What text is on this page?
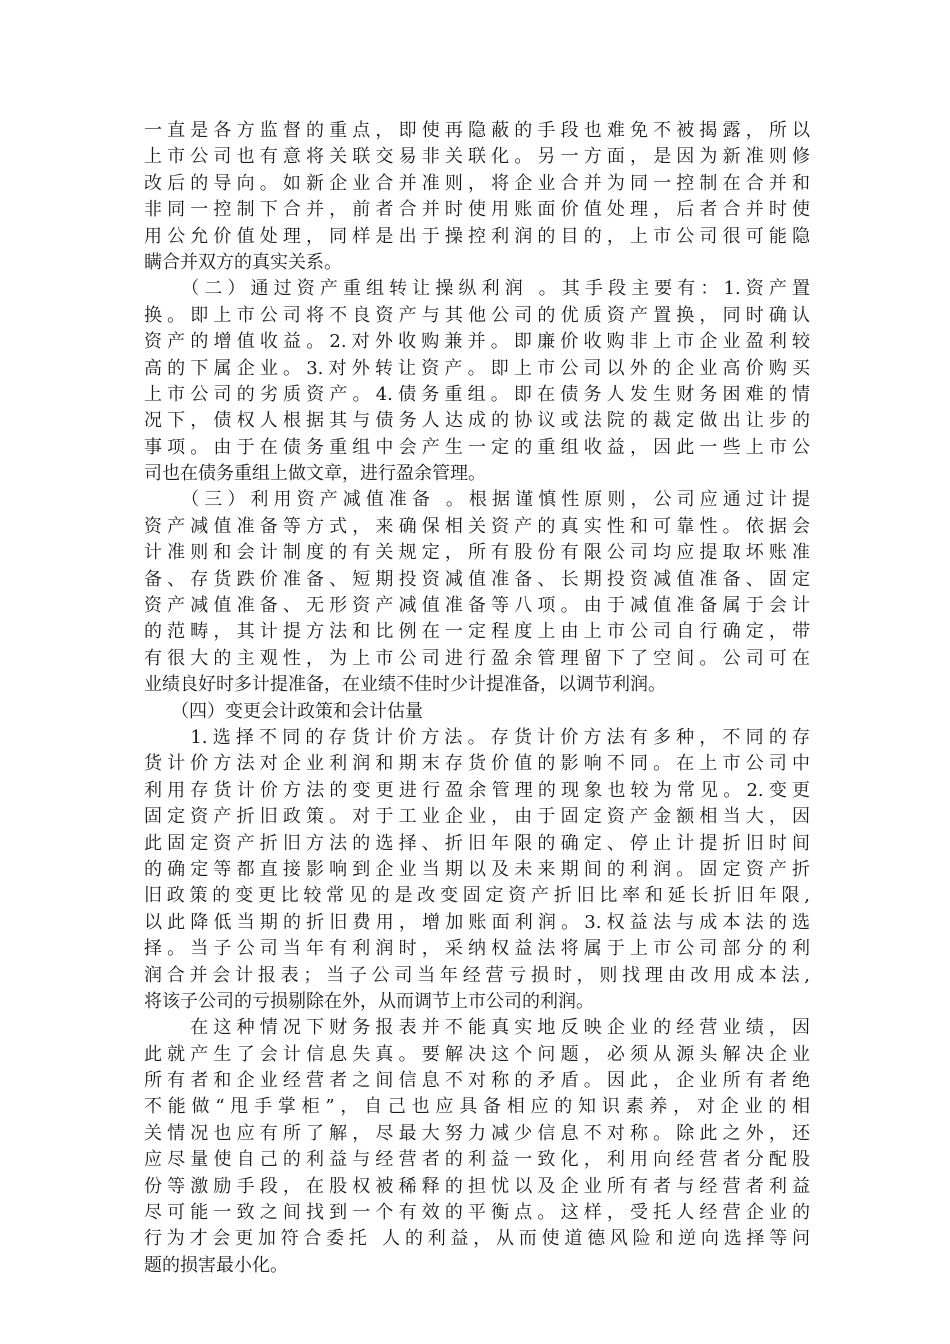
一直是各方监督的重点，即使再隐蔽的手段也难免不被揭露，所以
上市公司也有意将关联交易非关联化。另一方面，是因为新准则修
改后的导向。如新企业合并准则，将企业合并为同一控制在合并和
非同一控制下合并，前者合并时使用账面价值处理，后者合并时使
用公允价值处理，同样是出于操控利润的目的，上市公司很可能隐
瞒合并双方的真实关系。
　　（二）通过资产重组转让操纵利润 。其手段主要有：1.资产置
换。即上市公司将不良资产与其他公司的优质资产置换，同时确认
资产的增值收益。2.对外收购兼并。即廉价收购非上市企业盈利较
高的下属企业。3.对外转让资产。即上市公司以外的企业高价购买
上市公司的劣质资产。4.债务重组。即在债务人发生财务困难的情
况下，债权人根据其与债务人达成的协议或法院的裁定做出让步的
事项。由于在债务重组中会产生一定的重组收益，因此一些上市公
司也在债务重组上做文章，进行盈余管理。
　　（三）利用资产减值准备 。根据谨慎性原则，公司应通过计提
资产减值准备等方式，来确保相关资产的真实性和可靠性。依据会
计准则和会计制度的有关规定，所有股份有限公司均应提取坏账准
备、存货跌价准备、短期投资减值准备、长期投资减值准备、固定
资产减值准备、无形资产减值准备等八项。由于减值准备属于会计
的范畴，其计提方法和比例在一定程度上由上市公司自行确定，带
有很大的主观性，为上市公司进行盈余管理留下了空间。公司可在
业绩良好时多计提准备，在业绩不佳时少计提准备，以调节利润。
　　（四）变更会计政策和会计估量
　　1.选择不同的存货计价方法。存货计价方法有多种，不同的存
货计价方法对企业利润和期末存货价值的影响不同。在上市公司中
利用存货计价方法的变更进行盈余管理的现象也较为常见。2.变更
固定资产折旧政策。对于工业企业，由于固定资产金额相当大，因
此固定资产折旧方法的选择、折旧年限的确定、停止计提折旧时间
的确定等都直接影响到企业当期以及未来期间的利润。固定资产折
旧政策的变更比较常见的是改变固定资产折旧比率和延长折旧年限,
以此降低当期的折旧费用，增加账面利润。3.权益法与成本法的选
择。当子公司当年有利润时，采纳权益法将属于上市公司部分的利
润合并会计报表；当子公司当年经营亏损时，则找理由改用成本法,
将该子公司的亏损剔除在外，从而调节上市公司的利润。
　　在这种情况下财务报表并不能真实地反映企业的经营业绩，因
此就产生了会计信息失真。要解决这个问题，必须从源头解决企业
所有者和企业经营者之间信息不对称的矛盾。因此，企业所有者绝
不能做“甩手掌柜”，自己也应具备相应的知识素养，对企业的相
关情况也应有所了解，尽最大努力减少信息不对称。除此之外，还
应尽量使自己的利益与经营者的利益一致化，利用向经营者分配股
份等激励手段，在股权被稀释的担忧以及企业所有者与经营者利益
尽可能一致之间找到一个有效的平衡点。这样，受托人经营企业的
行为才会更加符合委托 人的利益，从而使道德风险和逆向选择等问
题的损害最小化。
